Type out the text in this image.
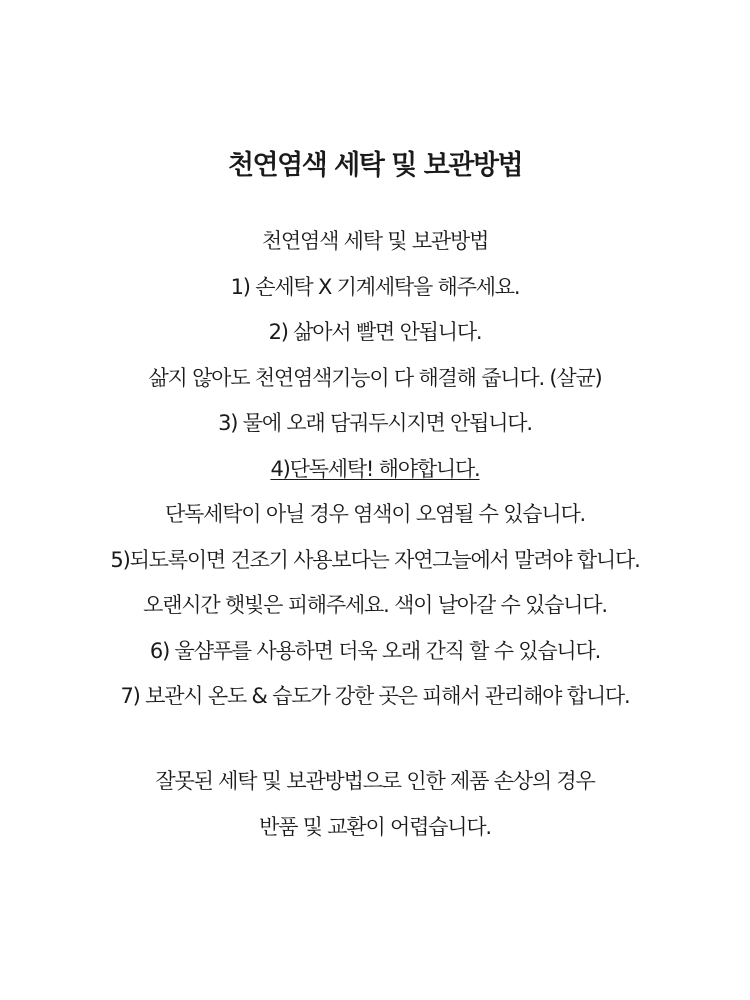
천연염색 세탁 및 보관방법
천연염색 세탁 및 보관방법
1) 손세탁 X 기계세탁을 해주세요.
2) 삶아서 빨면 안됩니다.
삶지 않아도 천연염색기능이 다 해결해 줍니다. (살균)
3) 물에 오래 담궈두시지면 안됩니다.
4)단독세탁! 해야합니다.
단독세탁이 아닐 경우 염색이 오염될 수 있습니다.
5)되도록이면 건조기 사용보다는 자연그늘에서 말려야 합니다.
오랜시간 햇빛은 피해주세요. 색이 날아갈 수 있습니다.
6) 울샴푸를 사용하면 더욱 오래 간직 할 수 있습니다.
7) 보관시 온도 & 습도가 강한 곳은 피해서 관리해야 합니다.
잘못된 세탁 및 보관방법으로 인한 제품 손상의 경우
반품 및 교환이 어렵습니다.
